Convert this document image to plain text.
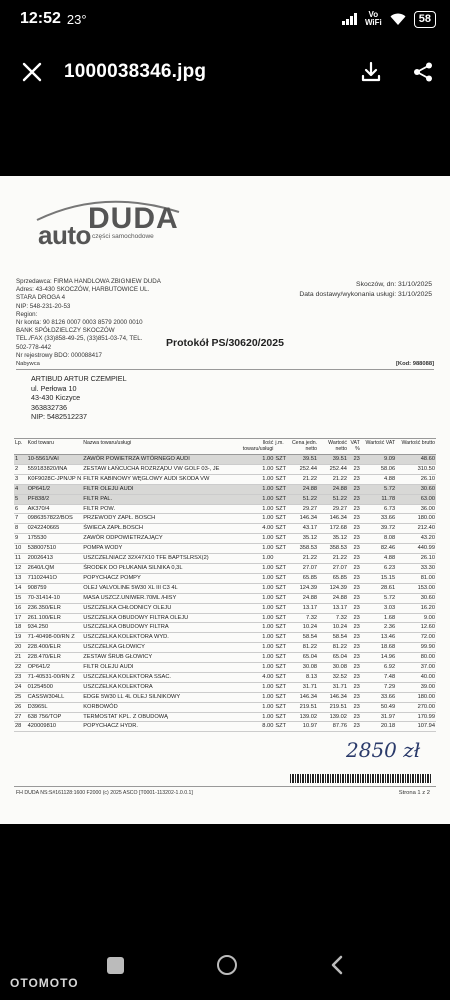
12:52 23°	Vo
WiFi	58
1000038346.jpg
auto
DUDA
części samochodowe
Sprzedawca: FIRMA HANDLOWA ZBIGNIEW DUDA
Adres: 43-430 SKOCZÓW, HARBUTOWICE UL.
STARA DROGA 4
NIP: 548-231-20-53
Region:
Nr konta: 90 8126 0007 0003 8579 2000 0010
BANK SPÓŁDZIELCZY SKOCZÓW
TEL./FAX (33)858-49-25, (33)851-03-74, TEL.
502-778-442
Nr rejestrowy BDO: 000088417
Skoczów, dn: 31/10/2025
Data dostawy/wykonania usługi: 31/10/2025
Protokół PS/30620/2025
Nabywca	[Kod: 988088]
ARTIBUD ARTUR CZEMPIEL
ul. Perłowa 10
43-430 Kiczyce
363832736
NIP: 5482512237
Lp.	Kod towaru	Nazwa towaru/usługi	Ilość towaru/usługi	j.m.	Cena jedn. netto	Wartość netto	VAT %	Wartość VAT	Wartość brutto
1	10-5561/VAI	ZAWÓR POWIETRZA WTÓRNEGO AUDI	1.00	SZT	39.51	39.51	23	9.09	48.60
2	559183820/INA	ZESTAW ŁAŃCUCHA ROZRZĄDU VW GOLF 03-, JE	1.00	SZT	252.44	252.44	23	58.06	310.50
3	K0F9028C-JPN/JP N	FILTR KABINOWY WĘGLOWY AUDI SKODA VW	1.00	SZT	21.22	21.22	23	4.88	26.10
4	OP641/2	FILTR OLEJU AUDI	1.00	SZT	24.88	24.88	23	5.72	30.60
5	PF838/2	FILTR PAL.	1.00	SZT	51.22	51.22	23	11.78	63.00
6	AK370/4	FILTR POW.	1.00	SZT	29.27	29.27	23	6.73	36.00
7	0986357822/BOS	PRZEWODY ZAPŁ. BOSCH	1.00	SZT	146.34	146.34	23	33.66	180.00
8	0242240665	ŚWIECA ZAPŁ.BOSCH	4.00	SZT	43.17	172.68	23	39.72	212.40
9	175530	ZAWÓR ODPOWIETRZAJĄCY	1.00	SZT	35.12	35.12	23	8.08	43.20
10	538007510	POMPA WODY	1.00	SZT	358.53	358.53	23	82.46	440.99
11	20026413	USZCZELNIACZ 32X47X10 TFE BAPTSLRSX(2)	1.00		21.22	21.22	23	4.88	26.10
12	2640/LQM	ŚRODEK DO PŁUKANIA SILNIKA 0,3L	1.00	SZT	27.07	27.07	23	6.23	33.30
13	71102441O	POPYCHACZ POMPY	1.00	SZT	65.85	65.85	23	15.15	81.00
14	908759	OLEJ VALVOLINE 5W30 XL III C3 4L	1.00	SZT	124.39	124.39	23	28.61	153.00
15	70-31414-10	MASA USZCZ.UNIWER.70ML /HISY	1.00	SZT	24.88	24.88	23	5.72	30.60
16	236.350/ELR	USZCZELKA CHŁODNICY OLEJU	1.00	SZT	13.17	13.17	23	3.03	16.20
17	261.100/ELR	USZCZELKA OBUDOWY FILTRA OLEJU	1.00	SZT	7.32	7.32	23	1.68	9.00
18	934.250	USZCZELKA OBUDOWY FILTRA	1.00	SZT	10.24	10.24	23	2.36	12.60
19	71-40498-00/RN Z	USZCZELKA KOLEKTORA WYD.	1.00	SZT	58.54	58.54	23	13.46	72.00
20	228.400/ELR	USZCZELKA GŁOWICY	1.00	SZT	81.22	81.22	23	18.68	99.90
21	228.470/ELR	ZESTAW ŚRUB GŁOWICY	1.00	SZT	65.04	65.04	23	14.96	80.00
22	OP641/2	FILTR OLEJU AUDI	1.00	SZT	30.08	30.08	23	6.92	37.00
23	71-40531-00/RN Z	USZCZELKA KOLEKTORA SSAC.	4.00	SZT	8.13	32.52	23	7.48	40.00
24	01254500	USZCZELKA KOLEKTORA	1.00	SZT	31.71	31.71	23	7.29	39.00
25	CASSW304LL	EDGE 5W30 LL 4L OLEJ SILNIKOWY	1.00	SZT	146.34	146.34	23	33.66	180.00
26	D3965L	KORBOWÓD	1.00	SZT	219.51	219.51	23	50.49	270.00
27	638 756/TOP	TERMOSTAT KPL. Z OBUDOWĄ	1.00	SZT	139.02	139.02	23	31.97	170.99
28	420009810	POPYCHACZ HYDR.	8.00	SZT	10.97	87.76	23	20.18	107.94
2850 zł
FH DUDA NS:S#161128:1600 F2000 (c) 2025 ASCO [T0001-113202-1.0.0.1]	Strona 1 z 2
OTOMOTO
